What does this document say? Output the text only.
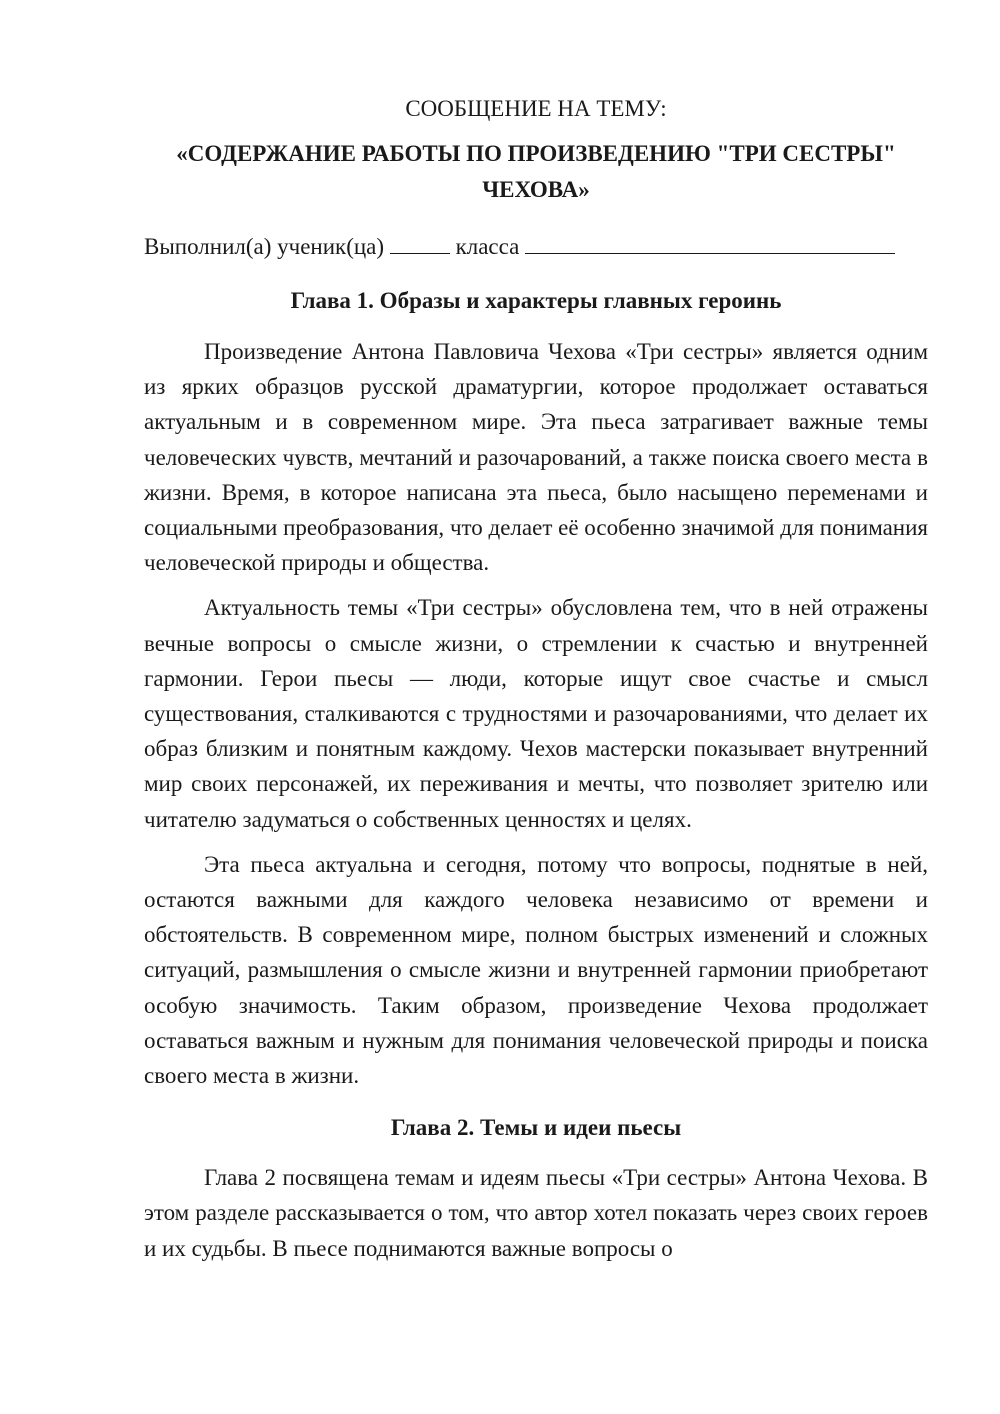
СООБЩЕНИЕ НА ТЕМУ:

«СОДЕРЖАНИЕ РАБОТЫ ПО ПРОИЗВЕДЕНИЮ "ТРИ СЕСТРЫ" ЧЕХОВА»

Выполнил(а) ученик(ца)	класса

Глава 1. Образы и характеры главных героинь

Произведение Антона Павловича Чехова «Три сестры» является одним из ярких образцов русской драматургии, которое продолжает оставаться актуальным и в современном мире. Эта пьеса затрагивает важные темы человеческих чувств, мечтаний и разочарований, а также поиска своего места в жизни. Время, в которое написана эта пьеса, было насыщено переменами и социальными преобразования, что делает её особенно значимой для понимания человеческой природы и общества.

Актуальность темы «Три сестры» обусловлена тем, что в ней отражены вечные вопросы о смысле жизни, о стремлении к счастью и внутренней гармонии. Герои пьесы — люди, которые ищут свое счастье и смысл существования, сталкиваются с трудностями и разочарованиями, что делает их образ близким и понятным каждому. Чехов мастерски показывает внутренний мир своих персонажей, их переживания и мечты, что позволяет зрителю или читателю задуматься о собственных ценностях и целях.

Эта пьеса актуальна и сегодня, потому что вопросы, поднятые в ней, остаются важными для каждого человека независимо от времени и обстоятельств. В современном мире, полном быстрых изменений и сложных ситуаций, размышления о смысле жизни и внутренней гармонии приобретают особую значимость. Таким образом, произведение Чехова продолжает оставаться важным и нужным для понимания человеческой природы и поиска своего места в жизни.

Глава 2. Темы и идеи пьесы

Глава 2 посвящена темам и идеям пьесы «Три сестры» Антона Чехова. В этом разделе рассказывается о том, что автор хотел показать через своих героев и их судьбы. В пьесе поднимаются важные вопросы о
